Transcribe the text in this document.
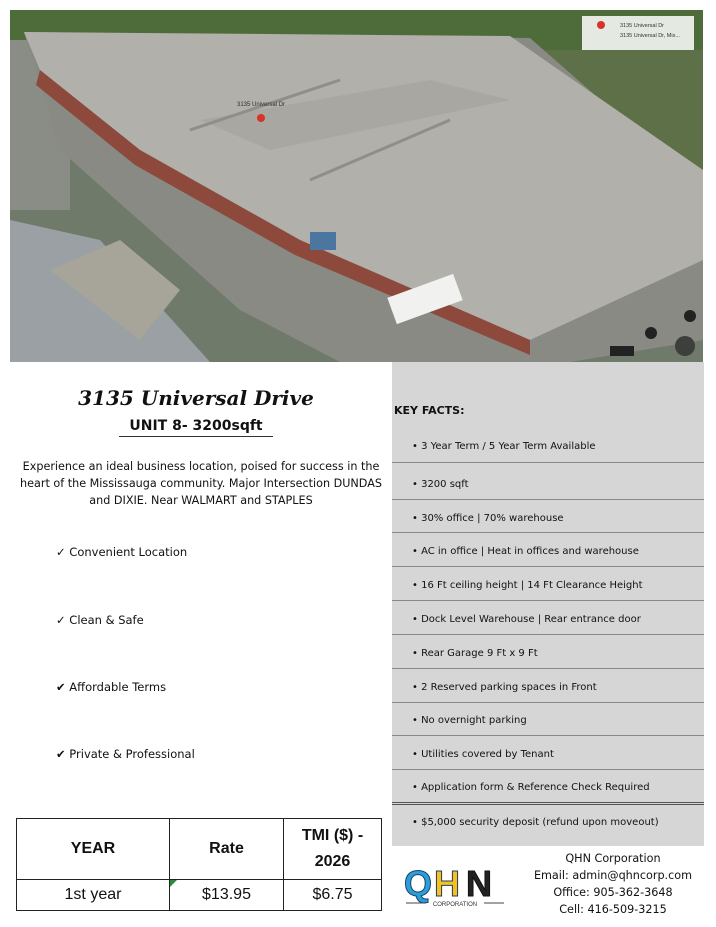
3135 Universal Dr
3135 Universal Dr, Mis...
3135 Universal Dr
3135 Universal Drive
UNIT 8- 3200sqft
Experience an ideal business location, poised for success in the heart of the Mississauga community. Major Intersection DUNDAS and DIXIE. Near WALMART and STAPLES
✓ Convenient Location
✓ Clean & Safe
✔ Affordable Terms
✔ Private & Professional
YEAR	Rate	TMI ($) -
2026

1st year	$13.95	$6.75
KEY FACTS:
• 3 Year Term / 5 Year Term Available
• 3200 sqft
• 30% office | 70% warehouse
• AC in office | Heat in offices and warehouse
• 16 Ft ceiling height | 14 Ft Clearance Height
• Dock Level Warehouse | Rear entrance door
• Rear Garage 9 Ft x 9 Ft
• 2 Reserved parking spaces in Front
• No overnight parking
• Utilities covered by Tenant
• Application form & Reference Check Required
• $5,000 security deposit (refund upon moveout)
Q H N
CORPORATION
QHN Corporation
Email: admin@qhncorp.com
Office: 905-362-3648
Cell: 416-509-3215
